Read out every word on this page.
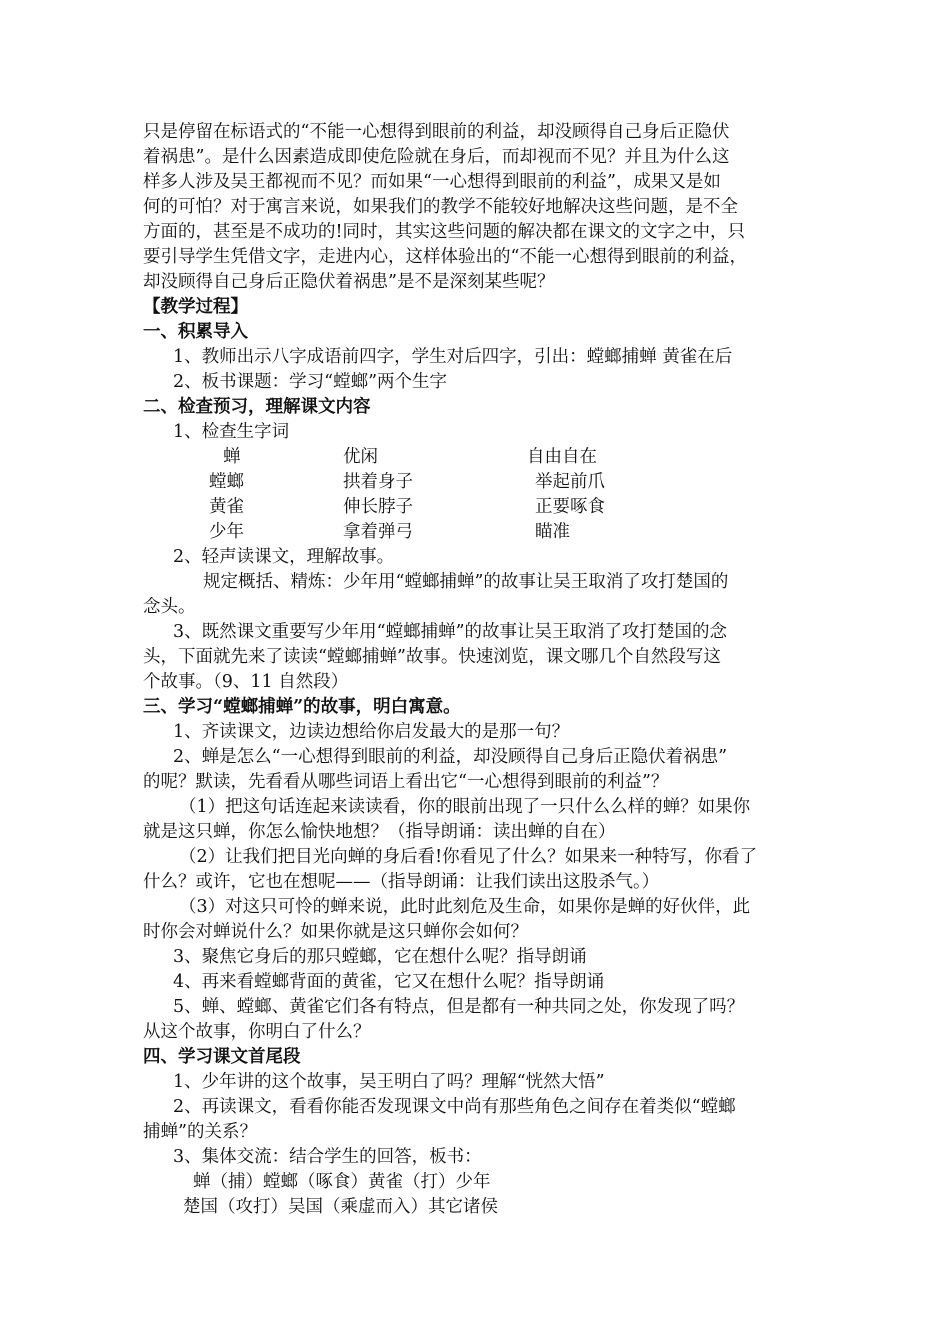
只是停留在标语式的“不能一心想得到眼前的利益，却没顾得自己身后正隐伏
着祸患”。是什么因素造成即使危险就在身后，而却视而不见？并且为什么这
样多人涉及吴王都视而不见？而如果“一心想得到眼前的利益”，成果又是如
何的可怕？对于寓言来说，如果我们的教学不能较好地解决这些问题，是不全
方面的，甚至是不成功的!同时，其实这些问题的解决都在课文的文字之中，只
要引导学生凭借文字，走进内心，这样体验出的“不能一心想得到眼前的利益，
却没顾得自己身后正隐伏着祸患”是不是深刻某些呢？
【教学过程】
一、积累导入
1、教师出示八字成语前四字，学生对后四字，引出：螳螂捕蝉 黄雀在后
2、板书课题：学习“螳螂”两个生字
二、检查预习，理解课文内容
1、检查生字词
蝉	优闲	自由自在
螳螂	拱着身子	举起前爪
黄雀	伸长脖子	正要啄食
少年	拿着弹弓	瞄准
2、轻声读课文，理解故事。
规定概括、精炼：少年用“螳螂捕蝉”的故事让吴王取消了攻打楚国的
念头。
3、既然课文重要写少年用“螳螂捕蝉”的故事让吴王取消了攻打楚国的念
头，下面就先来了读读“螳螂捕蝉”故事。快速浏览，课文哪几个自然段写这
个故事。（9、11 自然段）
三、学习“螳螂捕蝉”的故事，明白寓意。
1、齐读课文，边读边想给你启发最大的是那一句？
2、蝉是怎么“一心想得到眼前的利益，却没顾得自己身后正隐伏着祸患”
的呢？默读，先看看从哪些词语上看出它“一心想得到眼前的利益”？
（1）把这句话连起来读读看，你的眼前出现了一只什么么样的蝉？如果你
就是这只蝉，你怎么愉快地想？（指导朗诵：读出蝉的自在）
（2）让我们把目光向蝉的身后看!你看见了什么？如果来一种特写，你看了
什么？或许，它也在想呢——（指导朗诵：让我们读出这股杀气。）
（3）对这只可怜的蝉来说，此时此刻危及生命，如果你是蝉的好伙伴，此
时你会对蝉说什么？如果你就是这只蝉你会如何？
3、聚焦它身后的那只螳螂，它在想什么呢？指导朗诵
4、再来看螳螂背面的黄雀，它又在想什么呢？指导朗诵
5、蝉、螳螂、黄雀它们各有特点，但是都有一种共同之处，你发现了吗？
从这个故事，你明白了什么？
四、学习课文首尾段
1、少年讲的这个故事，吴王明白了吗？理解“恍然大悟”
2、再读课文，看看你能否发现课文中尚有那些角色之间存在着类似“螳螂
捕蝉”的关系？
3、集体交流：结合学生的回答，板书：
蝉（捕）螳螂（啄食）黄雀（打）少年
楚国（攻打）吴国（乘虚而入）其它诸侯
